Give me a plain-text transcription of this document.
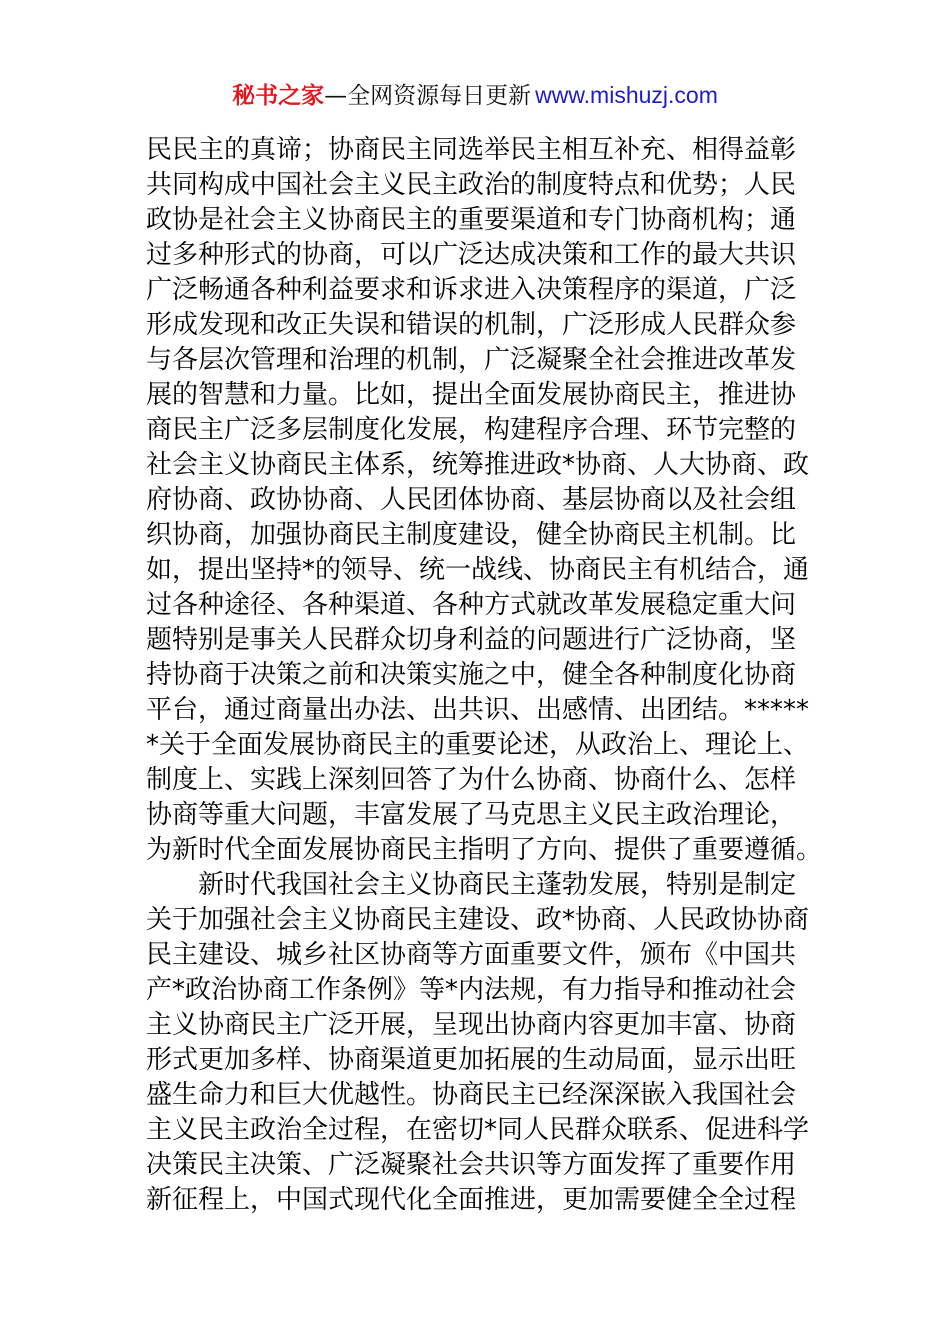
秘书之家—全网资源每日更新 www.mishuzj.com
民民主的真谛；协商民主同选举民主相互补充、相得益彰
共同构成中国社会主义民主政治的制度特点和优势；人民
政协是社会主义协商民主的重要渠道和专门协商机构；通
过多种形式的协商，可以广泛达成决策和工作的最大共识
广泛畅通各种利益要求和诉求进入决策程序的渠道，广泛
形成发现和改正失误和错误的机制，广泛形成人民群众参
与各层次管理和治理的机制，广泛凝聚全社会推进改革发
展的智慧和力量。比如，提出全面发展协商民主，推进协
商民主广泛多层制度化发展，构建程序合理、环节完整的
社会主义协商民主体系，统筹推进政*协商、人大协商、政
府协商、政协协商、人民团体协商、基层协商以及社会组
织协商，加强协商民主制度建设，健全协商民主机制。比
如，提出坚持*的领导、统一战线、协商民主有机结合，通
过各种途径、各种渠道、各种方式就改革发展稳定重大问
题特别是事关人民群众切身利益的问题进行广泛协商，坚
持协商于决策之前和决策实施之中，健全各种制度化协商
平台，通过商量出办法、出共识、出感情、出团结。*****
*关于全面发展协商民主的重要论述，从政治上、理论上、
制度上、实践上深刻回答了为什么协商、协商什么、怎样
协商等重大问题，丰富发展了马克思主义民主政治理论，
为新时代全面发展协商民主指明了方向、提供了重要遵循。
新时代我国社会主义协商民主蓬勃发展，特别是制定
关于加强社会主义协商民主建设、政*协商、人民政协协商
民主建设、城乡社区协商等方面重要文件，颁布《中国共
产*政治协商工作条例》等*内法规，有力指导和推动社会
主义协商民主广泛开展，呈现出协商内容更加丰富、协商
形式更加多样、协商渠道更加拓展的生动局面，显示出旺
盛生命力和巨大优越性。协商民主已经深深嵌入我国社会
主义民主政治全过程，在密切*同人民群众联系、促进科学
决策民主决策、广泛凝聚社会共识等方面发挥了重要作用
新征程上，中国式现代化全面推进，更加需要健全全过程
